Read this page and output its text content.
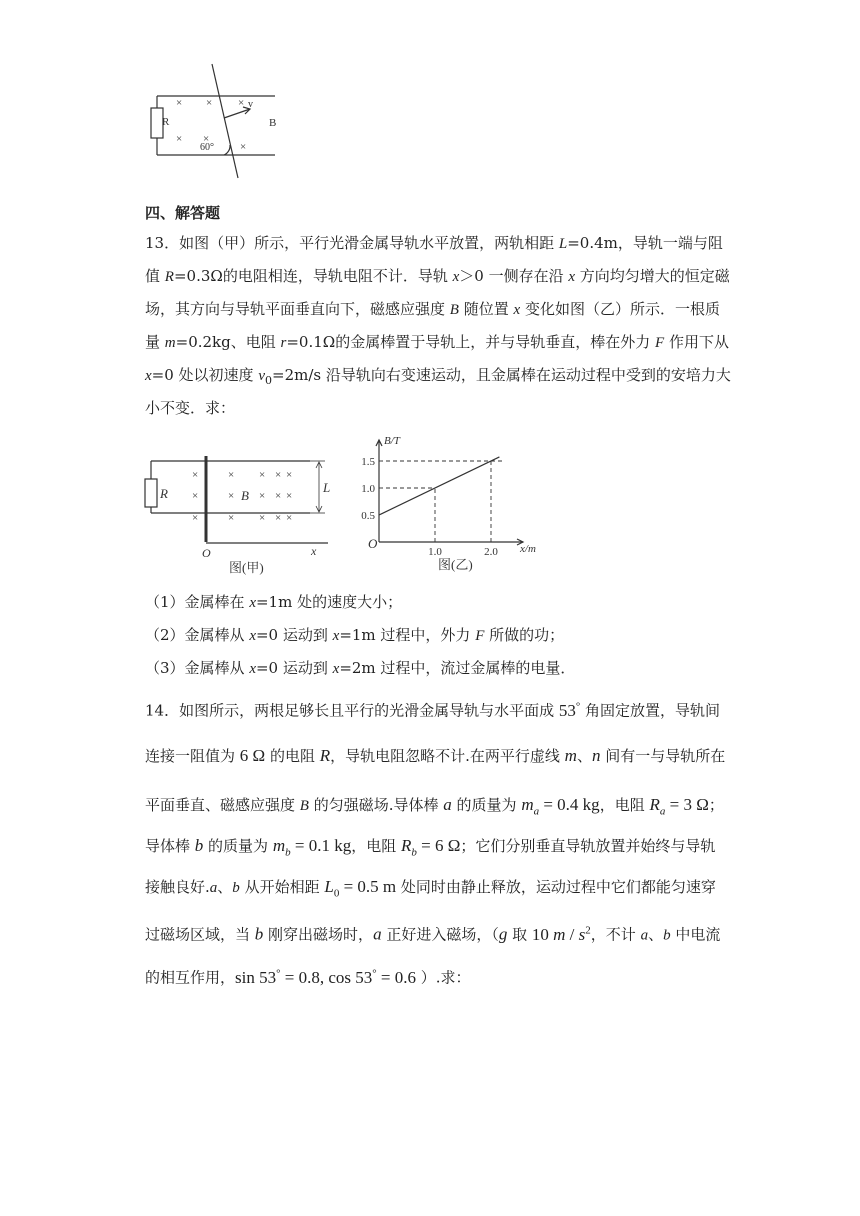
R
× × ×
× ×
×
v
B
60°
四、解答题
13．如图（甲）所示，平行光滑金属导轨水平放置，两轨相距 L=0.4m，导轨一端与阻
值 R=0.3Ω的电阻相连，导轨电阻不计．导轨 x＞0 一侧存在沿 x 方向均匀增大的恒定磁
场，其方向与导轨平面垂直向下，磁感应强度 B 随位置 x 变化如图（乙）所示．一根质
量 m=0.2kg、电阻 r=0.1Ω的金属棒置于导轨上，并与导轨垂直，棒在外力 F 作用下从
x=0 处以初速度 $v_0=2m/s$ 沿导轨向右变速运动，且金属棒在运动过程中受到的安培力大
小不变．求：
R	B
L
O	x
×
×
×
×
×
×
×
×
×
×
×
×
×
×
×
图(甲)
0.5
1.0
1.5
1.0	2.0
B/T
x/m
O
图(乙)
（1）金属棒在 x=1m 处的速度大小；
（2）金属棒从 x=0 运动到 x=1m 过程中，外力 F 所做的功；
（3）金属棒从 x=0 运动到 x=2m 过程中，流过金属棒的电量．
14．如图所示，两根足够长且平行的光滑金属导轨与水平面成 53° 角固定放置，导轨间
连接一阻值为 6 Ω 的电阻 R，导轨电阻忽略不计.在两平行虚线 m、n 间有一与导轨所在
平面垂直、磁感应强度 B 的匀强磁场.导体棒 a 的质量为 $m_a = 0.4$ kg，电阻 $R_a = 3$ Ω；
导体棒 b 的质量为 $m_b = 0.1$ kg，电阻 $R_b = 6$ Ω；它们分别垂直导轨放置并始终与导轨
接触良好.a、b 从开始相距 $L_0 = 0.5$ m 处同时由静止释放，运动过程中它们都能匀速穿
过磁场区域，当 b 刚穿出磁场时，a 正好进入磁场，（g 取 10 m / $s^2$，不计 a、b 中电流
的相互作用，sin 53° = 0.8, cos 53° = 0.6 ）.求：
